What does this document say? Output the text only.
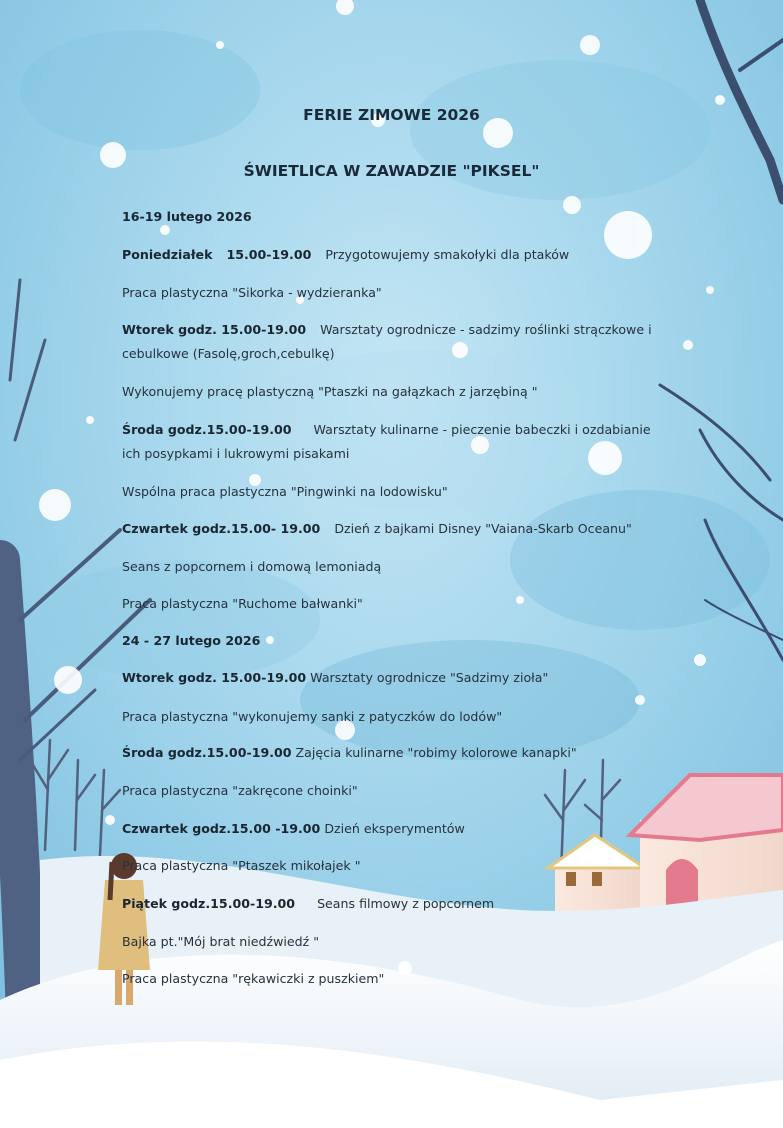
FERIE ZIMOWE 2026
ŚWIETLICA W ZAWADZIE "PIKSEL"

16-19 lutego 2026

Poniedziałek 15.00-19.00 Przygotowujemy smakołyki dla ptaków

Praca plastyczna "Sikorka - wydzieranka"

Wtorek godz. 15.00-19.00 Warsztaty ogrodnicze - sadzimy roślinki strączkowe i

cebulkowe (Fasolę,groch,cebulkę)

Wykonujemy pracę plastyczną "Ptaszki na gałązkach z jarzębiną "

Środa godz.15.00-19.00 Warsztaty kulinarne - pieczenie babeczki i ozdabianie

ich posypkami i lukrowymi pisakami

Wspólna praca plastyczna "Pingwinki na lodowisku"

Czwartek godz.15.00- 19.00 Dzień z bajkami Disney "Vaiana-Skarb Oceanu"

Seans z popcornem i domową lemoniadą

Praca plastyczna "Ruchome bałwanki"

24 - 27 lutego 2026

Wtorek godz. 15.00-19.00 Warsztaty ogrodnicze "Sadzimy zioła"

Praca plastyczna "wykonujemy sanki z patyczków do lodów"

Środa godz.15.00-19.00 Zajęcia kulinarne "robimy kolorowe kanapki"

Praca plastyczna "zakręcone choinki"

Czwartek godz.15.00 -19.00 Dzień eksperymentów

Praca plastyczna "Ptaszek mikołajek "

Piątek godz.15.00-19.00 Seans filmowy z popcornem

Bajka pt."Mój brat niedźwiedź "

Praca plastyczna "rękawiczki z puszkiem"
